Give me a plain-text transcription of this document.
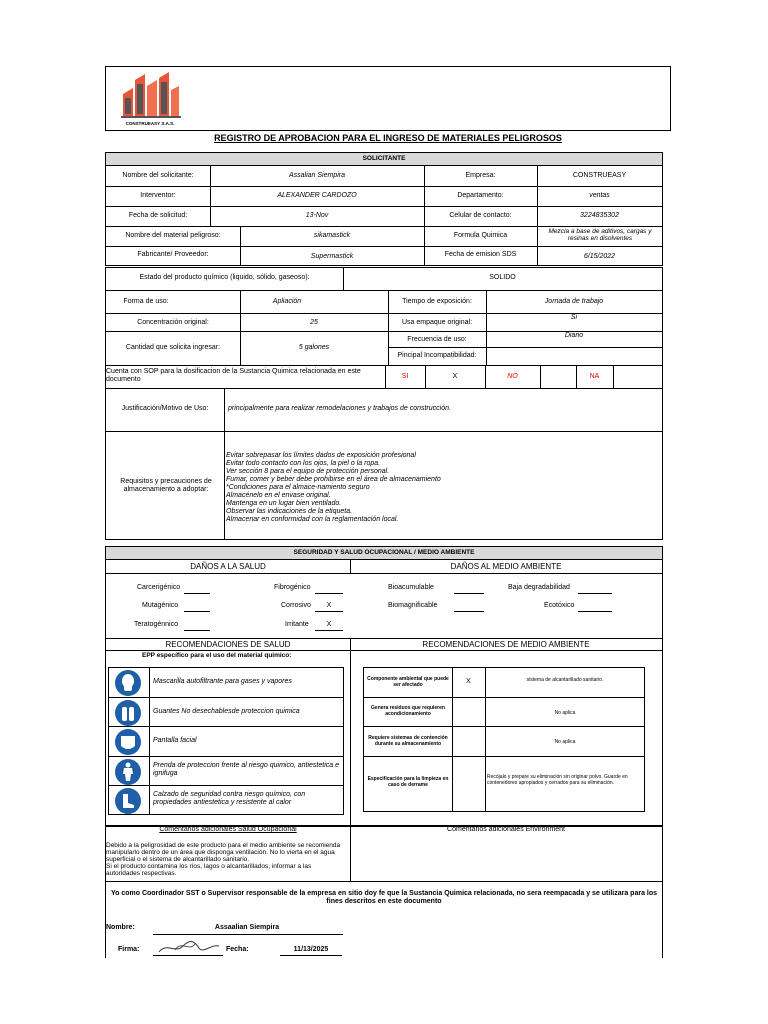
CONSTRUEASY S.A.S.
REGISTRO DE APROBACION PARA EL INGRESO DE MATERIALES PELIGROSOS
SOLICITANTE
Nombre del solicitante:	Assalian Siempira	Empresa:	CONSTRUEASY
Interventor:	ALEXANDER CARDOZO	Departamento:	ventas
Fecha de solicitud:	13-Nov	Celular de contacto:	3224835302
Nombre del material peligroso:	sikamastick	Formula Quimica
Mezcla a base de aditivos, cargas y resinas en disolventes
Fabricante/ Proveedor:	Supermastick	Fecha de emision SDS	6/15/2022
Estado del producto químico (liquido, sólido, gaseoso):	SOLIDO
Forma de uso:	Apliación	Tiempo de exposición:	Jornada de trabajo
Concentración original:	25	Usa empaque original:
Si
Cantidad que solicita ingresar:	5 galones
Frecuencia de uso:
Diario
Pincipal Incompatibilidad:
Cuenta con SOP para la dosificacion de la Sustancia Quimica relacionada en este documento	SI	X	NO	NA
Justificación/Motivo de Uso:	principalmente para realizar remodelaciones y trabajos de construcción.
Requisitos y precauciones de almacenamiento a adoptar:
Evitar sobrepasar los límites dados de exposición profesional
Evitar todo contacto con los ojos, la piel o la ropa.
Ver sección 8 para el equipo de protección personal.
Fumar, comer y beber debe prohibirse en el área de almacenamiento
*Condiciones para el almace-namiento seguro
Almacénelo en el envase original.
Mantenga en un lugar bien ventilado.
Observar las indicaciones de la etiqueta.
Almacenar en conformidad con la reglamentación local.
SEGURIDAD Y SALUD OCUPACIONAL / MEDIO AMBIENTE
DAÑOS A LA SALUD	DAÑOS AL MEDIO AMBIENTE
Carcerigénico	Fibrogénico	Bioacumulable	Baja degradabilidad
Mutagénico	Corrosivo	X	Biomagnificable	Ecotóxico
Teratogénnico	Irritante	X
RECOMENDACIONES DE SALUD	RECOMENDACIONES DE MEDIO AMBIENTE
EPP específico para el uso del material químico:
Mascarilla autofiltrante para gases y vapores
Guantes No desechablesde proteccion quimica
Pantalla facial
Prenda de proteccion frente al riesgo quimico, antiestetica e ignifuga
Calzado de seguridad contra riesgo químico, con propiedades antiestetica y resistente al calor
Componente ambiental que puede ser afectado	X	sistema de alcantarillado sanitario.
Genera residuos que requieren acondicionamiento	No aplica
Requiere sistemas de contención durante su almacenamiento	No aplica
Especificación para la limpieza en caso de derrame
Recójalo y prepare su eliminación sin originar polvo. Guarde en contenedores apropiados y cerrados para su eliminación.
Comentarios adicionales Salud Ocupacional	Comentarios adicionales Environment
Debido a la peligrosidad de este producto para el medio ambiente se recomienda
manipularlo dentro de un área que disponga ventilación. No lo vierta en el agua
superficial o el sistema de alcantarillado sanitario.
Si el producto contamina los ríos, lagos o alcantarillados, informar a las
autoridades respectivas.
Yo como Coordinador SST o Supervisor responsable de la empresa en sitio doy fe que la Sustancia Quimica relacionada, no sera reempacada y se utilizara para los fines descritos en este documento
Nombre:	Assaalian Siempira
Firma:	Fecha:	11/13/2025
